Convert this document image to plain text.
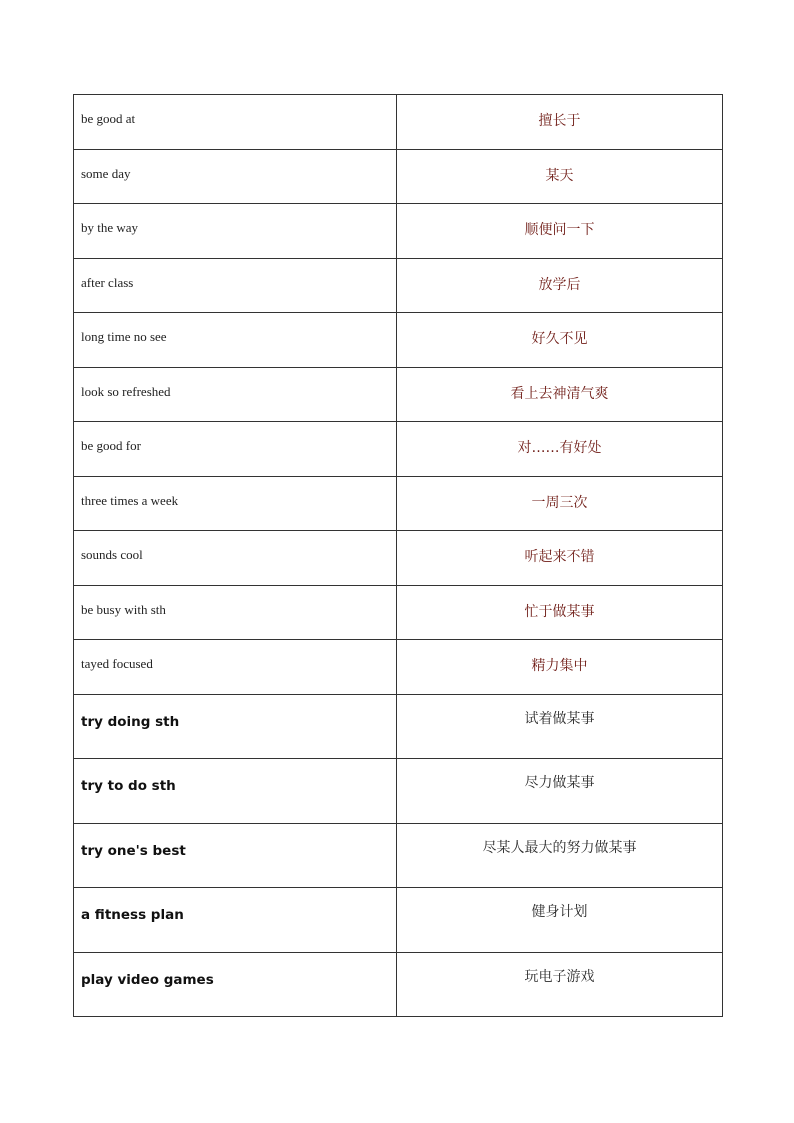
be good at	擅长于

some day	某天

by the way	顺便问一下

after class	放学后

long time no see	好久不见

look so refreshed	看上去神清气爽

be good for	对……有好处

three times a week	一周三次

sounds cool	听起来不错

be busy with sth	忙于做某事

tayed focused	精力集中

try doing sth	试着做某事

try to do sth	尽力做某事

try one's best	尽某人最大的努力做某事

a fitness plan	健身计划

play video games	玩电子游戏
